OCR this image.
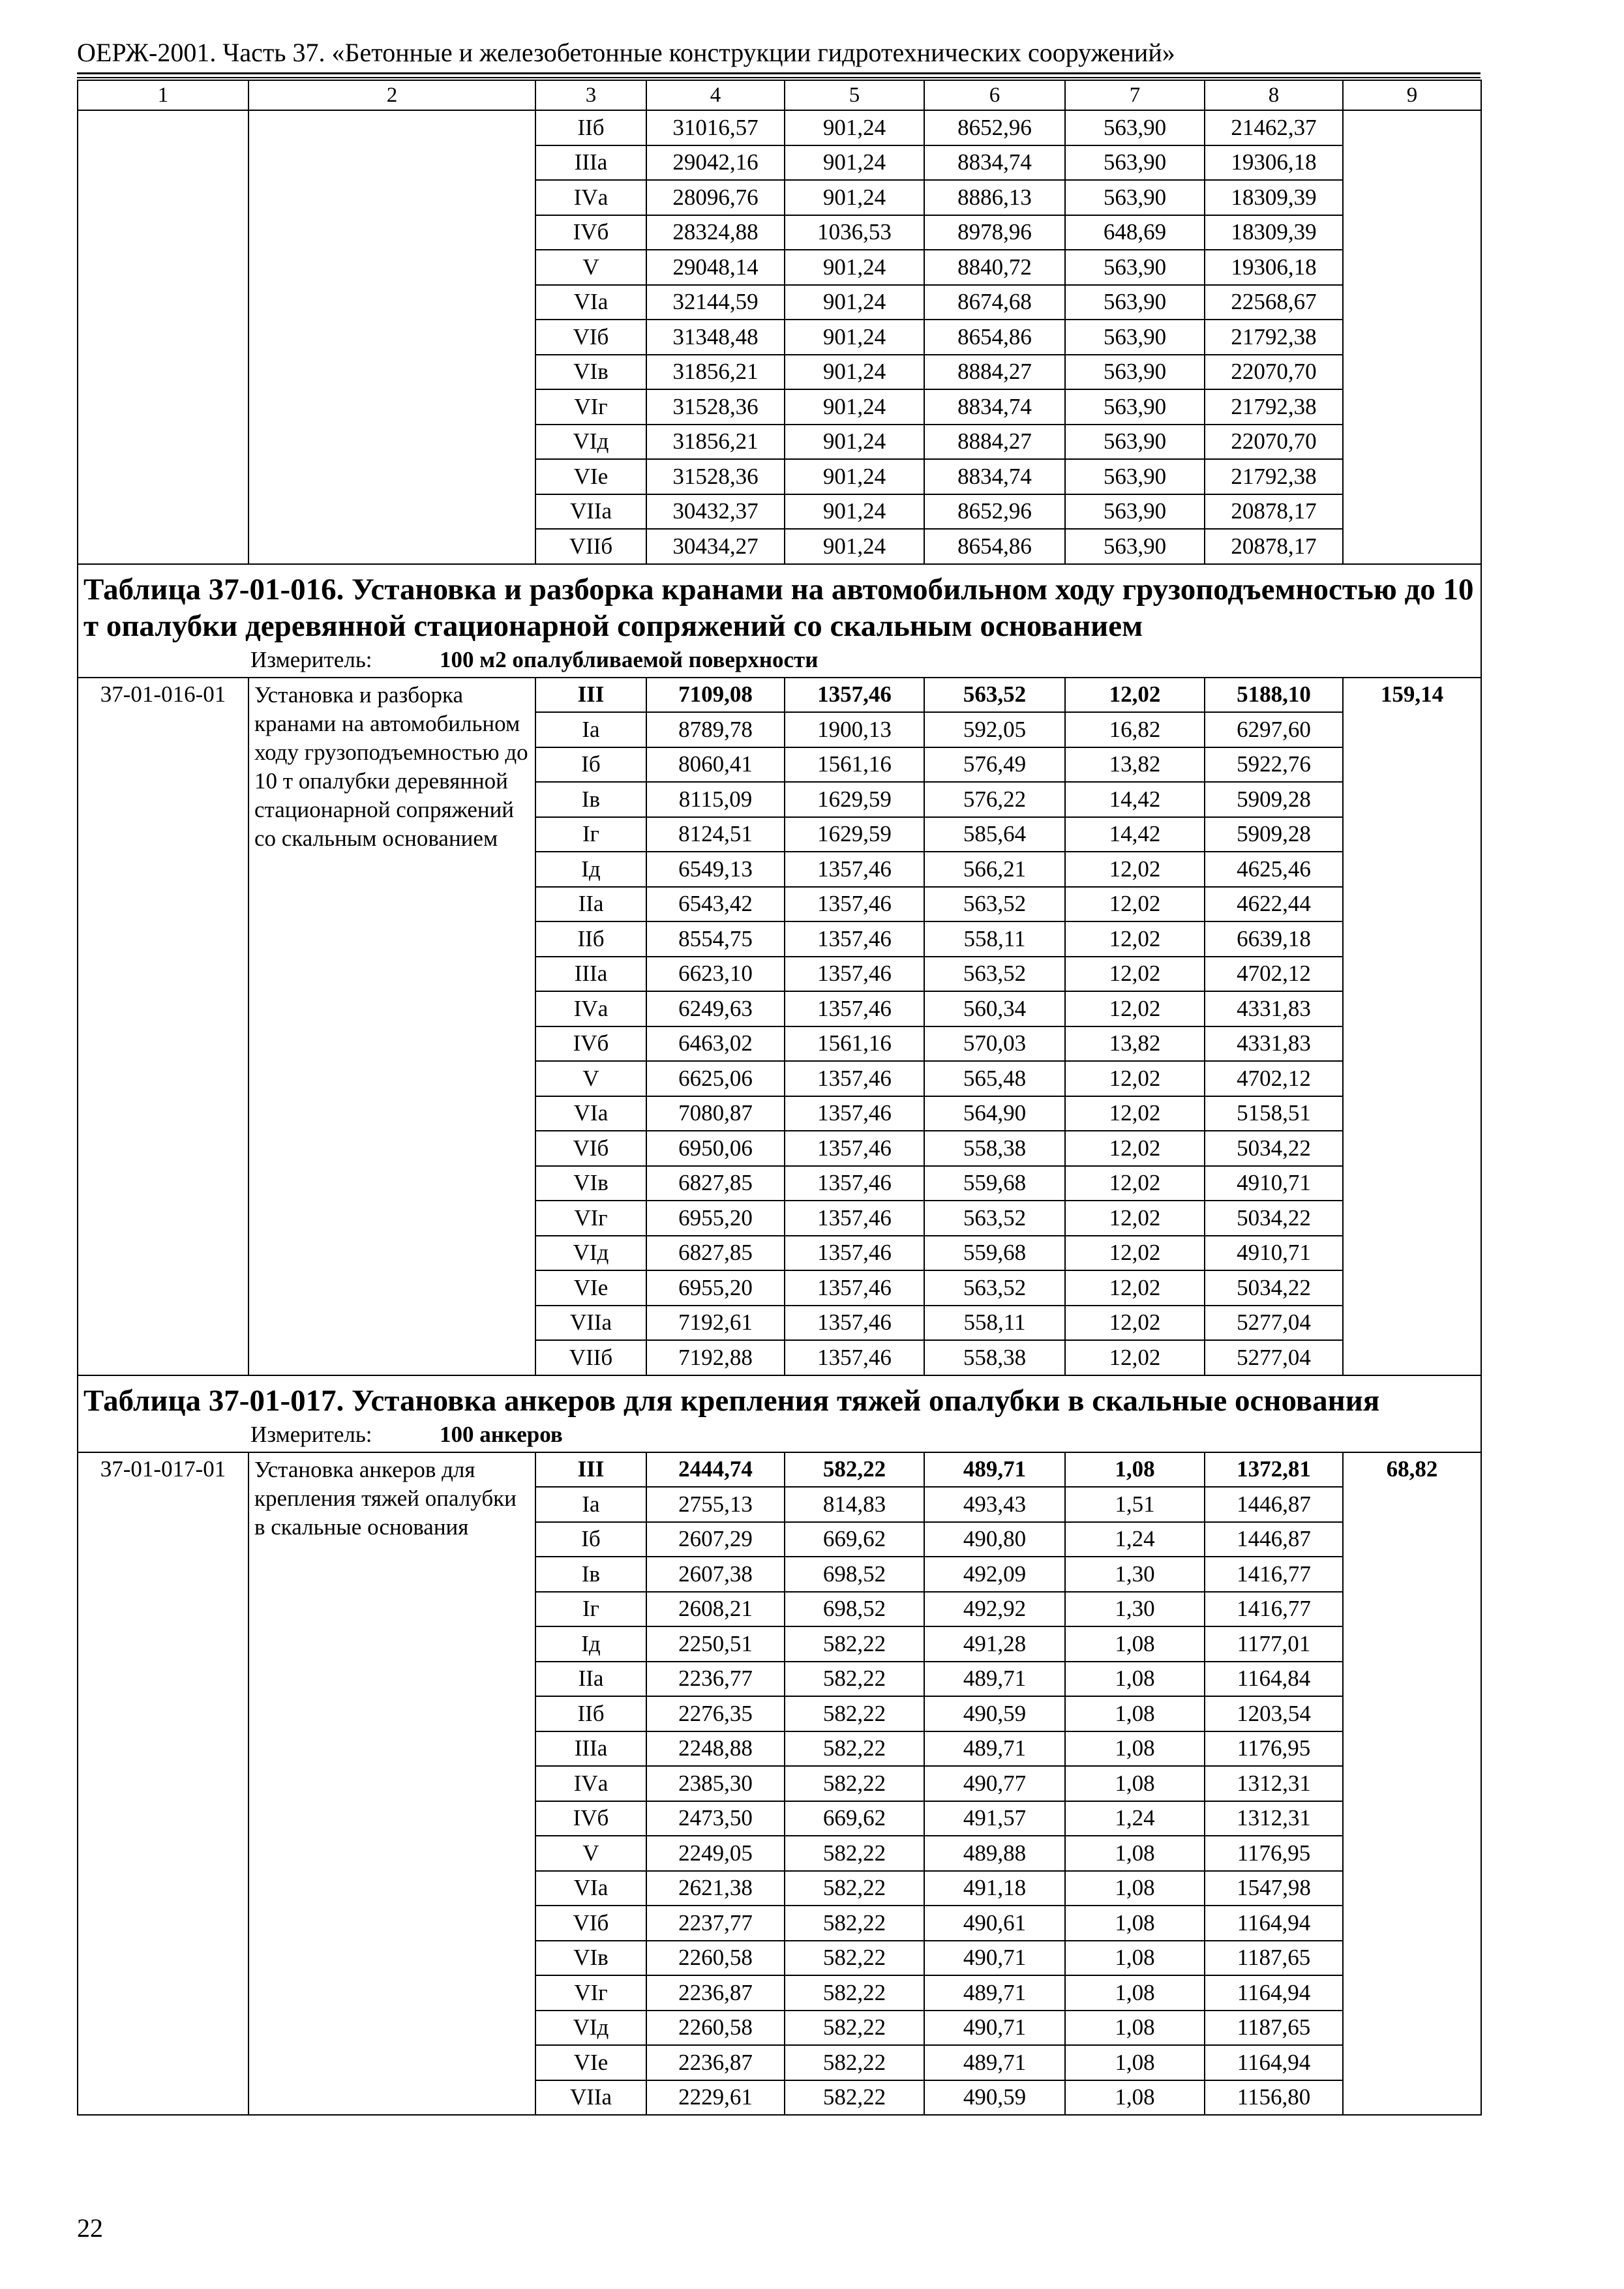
ОЕРЖ-2001. Часть 37. «Бетонные и железобетонные конструкции гидротехнических сооружений»
1	2	3	4	5	6	7	8	9
		IIб	31016,57	901,24	8652,96	563,90	21462,37	
		IIIа	29042,16	901,24	8834,74	563,90	19306,18	
		IVа	28096,76	901,24	8886,13	563,90	18309,39	
		IVб	28324,88	1036,53	8978,96	648,69	18309,39	
		V	29048,14	901,24	8840,72	563,90	19306,18	
		VIа	32144,59	901,24	8674,68	563,90	22568,67	
		VIб	31348,48	901,24	8654,86	563,90	21792,38	
		VIв	31856,21	901,24	8884,27	563,90	22070,70	
		VIг	31528,36	901,24	8834,74	563,90	21792,38	
		VIд	31856,21	901,24	8884,27	563,90	22070,70	
		VIе	31528,36	901,24	8834,74	563,90	21792,38	
		VIIа	30432,37	901,24	8652,96	563,90	20878,17	
		VIIб	30434,27	901,24	8654,86	563,90	20878,17	

Таблица 37-01-016. Установка и разборка кранами на автомобильном ходу грузоподъемностью до 10 т опалубки деревянной стационарной сопряжений со скальным основанием
Измеритель: 100 м2 опалубливаемой поверхности								

37-01-016-01	Установка и разборка кранами на автомобильном ходу грузоподъемностью до 10 т опалубки деревянной стационарной сопряжений со скальным основанием	III	7109,08	1357,46	563,52	12,02	5188,10	159,14
		Iа	8789,78	1900,13	592,05	16,82	6297,60	
		Iб	8060,41	1561,16	576,49	13,82	5922,76	
		Iв	8115,09	1629,59	576,22	14,42	5909,28	
		Iг	8124,51	1629,59	585,64	14,42	5909,28	
		Iд	6549,13	1357,46	566,21	12,02	4625,46	
		IIа	6543,42	1357,46	563,52	12,02	4622,44	
		IIб	8554,75	1357,46	558,11	12,02	6639,18	
		IIIа	6623,10	1357,46	563,52	12,02	4702,12	
		IVа	6249,63	1357,46	560,34	12,02	4331,83	
		IVб	6463,02	1561,16	570,03	13,82	4331,83	
		V	6625,06	1357,46	565,48	12,02	4702,12	
		VIа	7080,87	1357,46	564,90	12,02	5158,51	
		VIб	6950,06	1357,46	558,38	12,02	5034,22	
		VIв	6827,85	1357,46	559,68	12,02	4910,71	
		VIг	6955,20	1357,46	563,52	12,02	5034,22	
		VIд	6827,85	1357,46	559,68	12,02	4910,71	
		VIе	6955,20	1357,46	563,52	12,02	5034,22	
		VIIа	7192,61	1357,46	558,11	12,02	5277,04	
		VIIб	7192,88	1357,46	558,38	12,02	5277,04	

Таблица 37-01-017. Установка анкеров для крепления тяжей опалубки в скальные основания
Измеритель: 100 анкеров								

37-01-017-01	Установка анкеров для крепления тяжей опалубки в скальные основания	III	2444,74	582,22	489,71	1,08	1372,81	68,82
		Iа	2755,13	814,83	493,43	1,51	1446,87	
		Iб	2607,29	669,62	490,80	1,24	1446,87	
		Iв	2607,38	698,52	492,09	1,30	1416,77	
		Iг	2608,21	698,52	492,92	1,30	1416,77	
		Iд	2250,51	582,22	491,28	1,08	1177,01	
		IIа	2236,77	582,22	489,71	1,08	1164,84	
		IIб	2276,35	582,22	490,59	1,08	1203,54	
		IIIа	2248,88	582,22	489,71	1,08	1176,95	
		IVа	2385,30	582,22	490,77	1,08	1312,31	
		IVб	2473,50	669,62	491,57	1,24	1312,31	
		V	2249,05	582,22	489,88	1,08	1176,95	
		VIа	2621,38	582,22	491,18	1,08	1547,98	
		VIб	2237,77	582,22	490,61	1,08	1164,94	
		VIв	2260,58	582,22	490,71	1,08	1187,65	
		VIг	2236,87	582,22	489,71	1,08	1164,94	
		VIд	2260,58	582,22	490,71	1,08	1187,65	
		VIе	2236,87	582,22	489,71	1,08	1164,94	
		VIIа	2229,61	582,22	490,59	1,08	1156,80	
22
